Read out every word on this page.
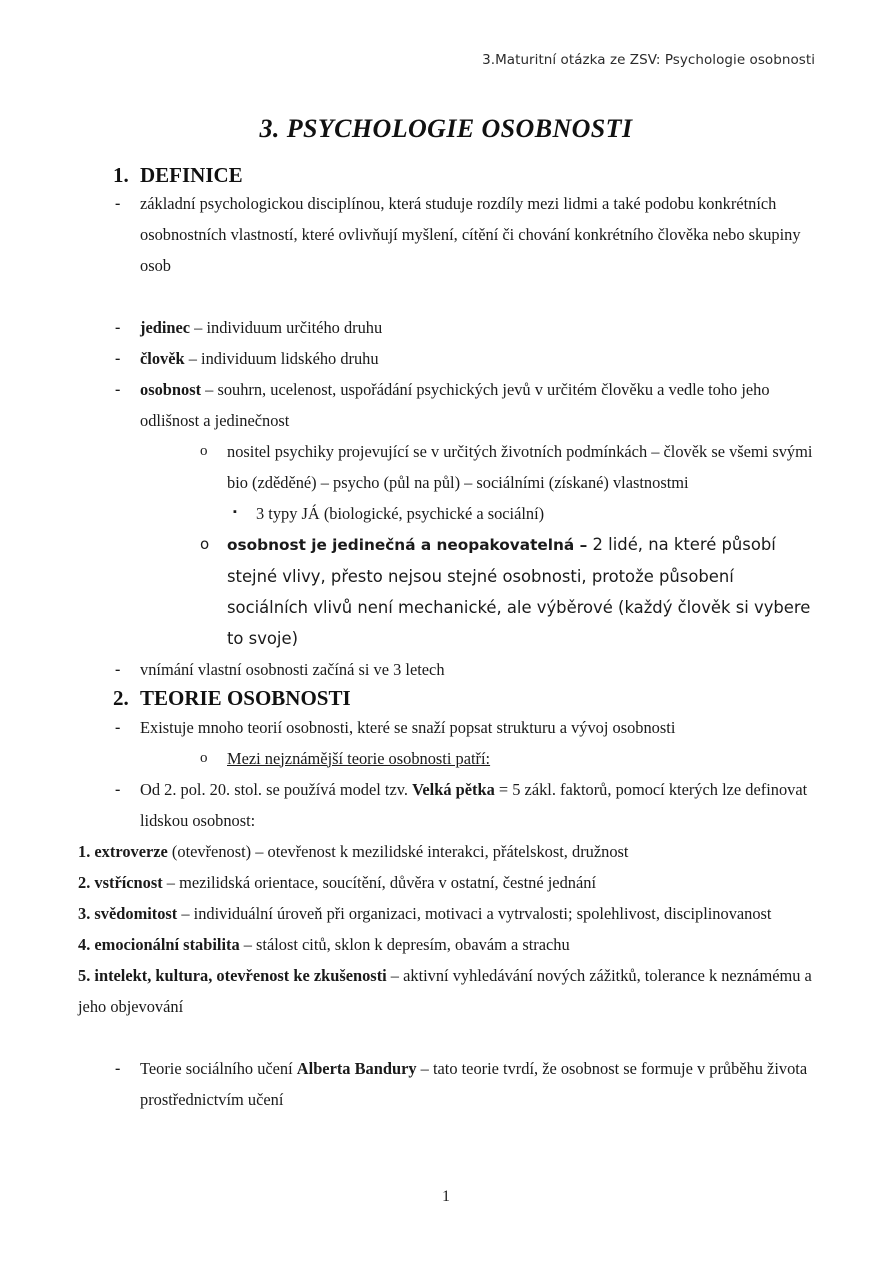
3.Maturitní otázka ze ZSV: Psychologie osobnosti
3. PSYCHOLOGIE OSOBNOSTI
1. DEFINICE
- základní psychologickou disciplínou, která studuje rozdíly mezi lidmi a také podobu konkrétních osobnostních vlastností, které ovlivňují myšlení, cítění či chování konkrétního člověka nebo skupiny osob
- jedinec – individuum určitého druhu
- člověk – individuum lidského druhu
- osobnost – souhrn, ucelenost, uspořádání psychických jevů v určitém člověku a vedle toho jeho odlišnost a jedinečnost
o nositel psychiky projevující se v určitých životních podmínkách – člověk se všemi svými bio (zděděné) – psycho (půl na půl) – sociálními (získané) vlastnostmi
▪ 3 typy JÁ (biologické, psychické a sociální)
o osobnost je jedinečná a neopakovatelná – 2 lidé, na které působí stejné vlivy, přesto nejsou stejné osobnosti, protože působení sociálních vlivů není mechanické, ale výběrové (každý člověk si vybere to svoje)
- vnímání vlastní osobnosti začíná si ve 3 letech
2. TEORIE OSOBNOSTI
- Existuje mnoho teorií osobnosti, které se snaží popsat strukturu a vývoj osobnosti
o Mezi nejznámější teorie osobnosti patří:
- Od 2. pol. 20. stol. se používá model tzv. Velká pětka = 5 zákl. faktorů, pomocí kterých lze definovat lidskou osobnost:
1. extroverze (otevřenost) – otevřenost k mezilidské interakci, přátelskost, družnost
2. vstřícnost – mezilidská orientace, soucítění, důvěra v ostatní, čestné jednání
3. svědomitost – individuální úroveň při organizaci, motivaci a vytrvalosti; spolehlivost, disciplinovanost
4. emocionální stabilita – stálost citů, sklon k depresím, obavám a strachu
5. intelekt, kultura, otevřenost ke zkušenosti – aktivní vyhledávání nových zážitků, tolerance k neznámému a jeho objevování
- Teorie sociálního učení Alberta Bandury – tato teorie tvrdí, že osobnost se formuje v průběhu života prostřednictvím učení
1
